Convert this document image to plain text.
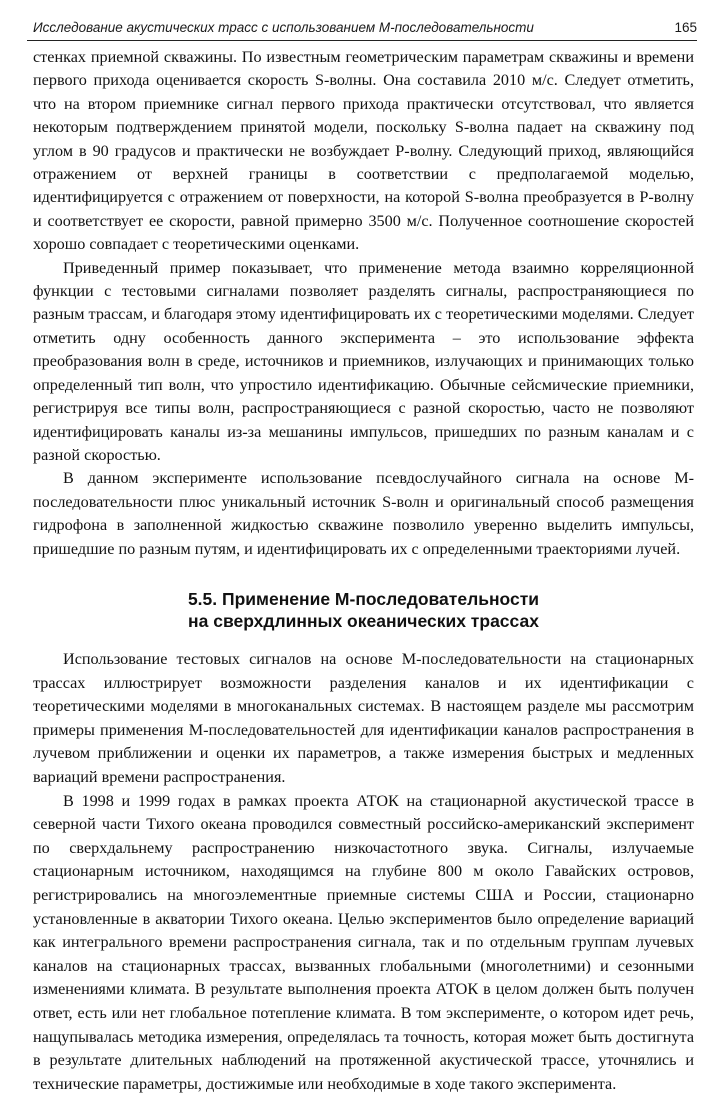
Исследование акустических трасс с использованием М-последовательности	165

стенках приемной скважины. По известным геометрическим параметрам скважины и времени первого прихода оценивается скорость S-волны. Она составила 2010 м/с. Следует отметить, что на втором приемнике сигнал первого прихода практически отсутствовал, что является некоторым подтверждением принятой модели, поскольку S-волна падает на скважину под углом в 90 градусов и практически не возбуждает P-волну. Следующий приход, являющийся отражением от верхней границы в соответствии с предполагаемой моделью, идентифицируется с отражением от поверхности, на которой S-волна преобразуется в P-волну и соответствует ее скорости, равной примерно 3500 м/с. Полученное соотношение скоростей хорошо совпадает с теоретическими оценками.

Приведенный пример показывает, что применение метода взаимно корреляционной функции с тестовыми сигналами позволяет разделять сигналы, распространяющиеся по разным трассам, и благодаря этому идентифицировать их с теоретическими моделями. Следует отметить одну особенность данного эксперимента – это использование эффекта преобразования волн в среде, источников и приемников, излучающих и принимающих только определенный тип волн, что упростило идентификацию. Обычные сейсмические приемники, регистрируя все типы волн, распространяющиеся с разной скоростью, часто не позволяют идентифицировать каналы из-за мешанины импульсов, пришедших по разным каналам и с разной скоростью.

В данном эксперименте использование псевдослучайного сигнала на основе М-последовательности плюс уникальный источник S-волн и оригинальный способ размещения гидрофона в заполненной жидкостью скважине позволило уверенно выделить импульсы, пришедшие по разным путям, и идентифицировать их с определенными траекториями лучей.

5.5. Применение М-последовательности
на сверхдлинных океанических трассах

Использование тестовых сигналов на основе М-последовательности на стационарных трассах иллюстрирует возможности разделения каналов и их идентификации с теоретическими моделями в многоканальных системах. В настоящем разделе мы рассмотрим примеры применения М-последовательностей для идентификации каналов распространения в лучевом приближении и оценки их параметров, а также измерения быстрых и медленных вариаций времени распространения.

В 1998 и 1999 годах в рамках проекта АТОК на стационарной акустической трассе в северной части Тихого океана проводился совместный российско-американский эксперимент по сверхдальнему распространению низкочастотного звука. Сигналы, излучаемые стационарным источником, находящимся на глубине 800 м около Гавайских островов, регистрировались на многоэлементные приемные системы США и России, стационарно установленные в акватории Тихого океана. Целью экспериментов было определение вариаций как интегрального времени распространения сигнала, так и по отдельным группам лучевых каналов на стационарных трассах, вызванных глобальными (многолетними) и сезонными изменениями климата. В результате выполнения проекта АТОК в целом должен быть получен ответ, есть или нет глобальное потепление климата. В том эксперименте, о котором идет речь, нащупывалась методика измерения, определялась та точность, которая может быть достигнута в результате длительных наблюдений на протяженной акустической трассе, уточнялись и технические параметры, достижимые или необходимые в ходе такого эксперимента.
